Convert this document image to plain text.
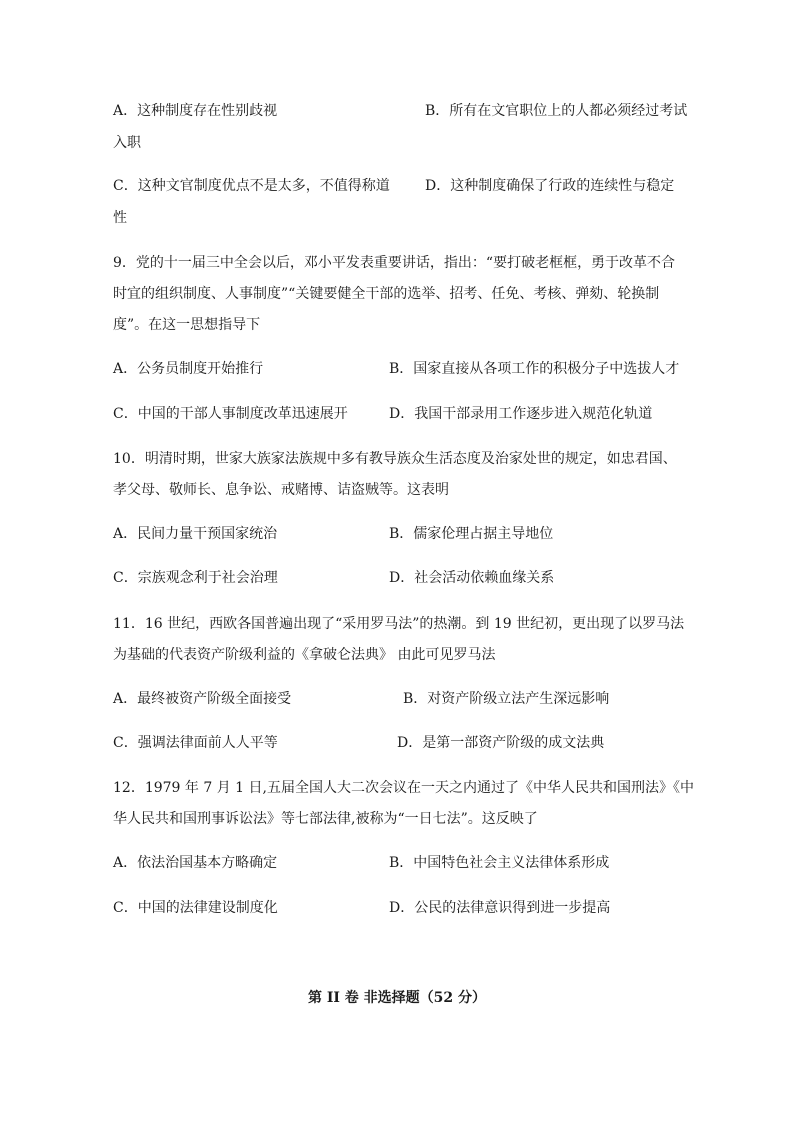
A．这种制度存在性别歧视	B．所有在文官职位上的人都必须经过考试
入职
C．这种文官制度优点不是太多，不值得称道	D．这种制度确保了行政的连续性与稳定
性
9．党的十一届三中全会以后，邓小平发表重要讲话，指出：“要打破老框框，勇于改革不合
时宜的组织制度、人事制度”“关键要健全干部的选举、招考、任免、考核、弹劾、轮换制
度”。在这一思想指导下
A．公务员制度开始推行	B．国家直接从各项工作的积极分子中选拔人才
C．中国的干部人事制度改革迅速展开	D．我国干部录用工作逐步进入规范化轨道
10．明清时期，世家大族家法族规中多有教导族众生活态度及治家处世的规定，如忠君国、
孝父母、敬师长、息争讼、戒赌博、诘盗贼等。这表明
A．民间力量干预国家统治	B．儒家伦理占据主导地位
C．宗族观念利于社会治理	D．社会活动依赖血缘关系
11．16 世纪，西欧各国普遍出现了“采用罗马法”的热潮。到 19 世纪初，更出现了以罗马法
为基础的代表资产阶级利益的《拿破仑法典》 由此可见罗马法
A．最终被资产阶级全面接受	B．对资产阶级立法产生深远影响
C．强调法律面前人人平等	D．是第一部资产阶级的成文法典
12．1979 年 7 月 1 日,五届全国人大二次会议在一天之内通过了《中华人民共和国刑法》《中
华人民共和国刑事诉讼法》等七部法律,被称为“一日七法”。这反映了
A．依法治国基本方略确定	B．中国特色社会主义法律体系形成
C．中国的法律建设制度化	D．公民的法律意识得到进一步提高
第 II 卷 非选择题（52 分）
